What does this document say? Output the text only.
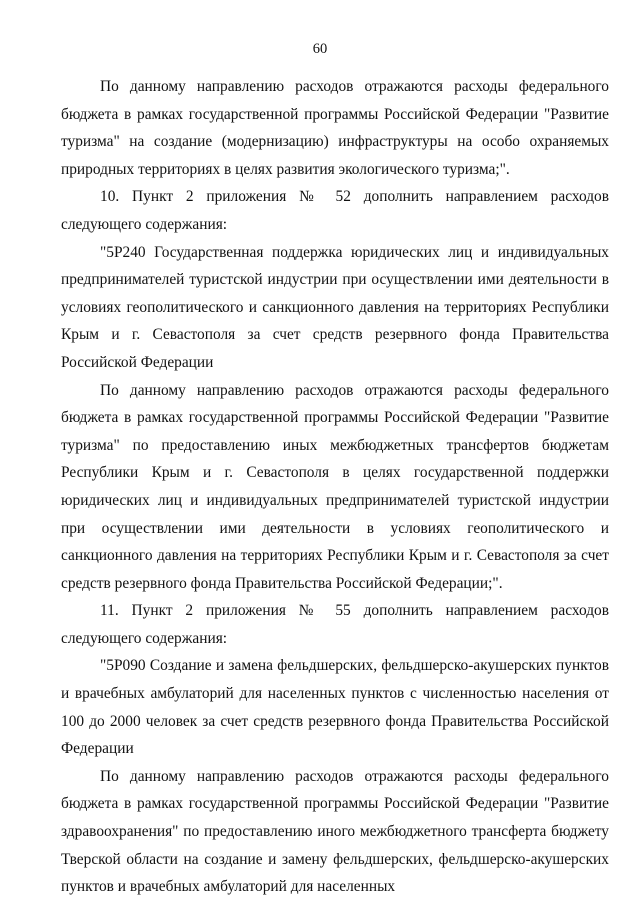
60

По данному направлению расходов отражаются расходы федерального бюджета в рамках государственной программы Российской Федерации "Развитие туризма" на создание (модернизацию) инфраструктуры на особо охраняемых природных территориях в целях развития экологического туризма;".

10. Пункт 2 приложения № 52 дополнить направлением расходов следующего содержания:

"5Р240 Государственная поддержка юридических лиц и индивидуальных предпринимателей туристской индустрии при осуществлении ими деятельности в условиях геополитического и санкционного давления на территориях Республики Крым и г. Севастополя за счет средств резервного фонда Правительства Российской Федерации

По данному направлению расходов отражаются расходы федерального бюджета в рамках государственной программы Российской Федерации "Развитие туризма" по предоставлению иных межбюджетных трансфертов бюджетам Республики Крым и г. Севастополя в целях государственной поддержки юридических лиц и индивидуальных предпринимателей туристской индустрии при осуществлении ими деятельности в условиях геополитического и санкционного давления на территориях Республики Крым и г. Севастополя за счет средств резервного фонда Правительства Российской Федерации;".

11. Пункт 2 приложения № 55 дополнить направлением расходов следующего содержания:

"5Р090 Создание и замена фельдшерских, фельдшерско-акушерских пунктов и врачебных амбулаторий для населенных пунктов с численностью населения от 100 до 2000 человек за счет средств резервного фонда Правительства Российской Федерации

По данному направлению расходов отражаются расходы федерального бюджета в рамках государственной программы Российской Федерации "Развитие здравоохранения" по предоставлению иного межбюджетного трансферта бюджету Тверской области на создание и замену фельдшерских, фельдшерско-акушерских пунктов и врачебных амбулаторий для населенных
